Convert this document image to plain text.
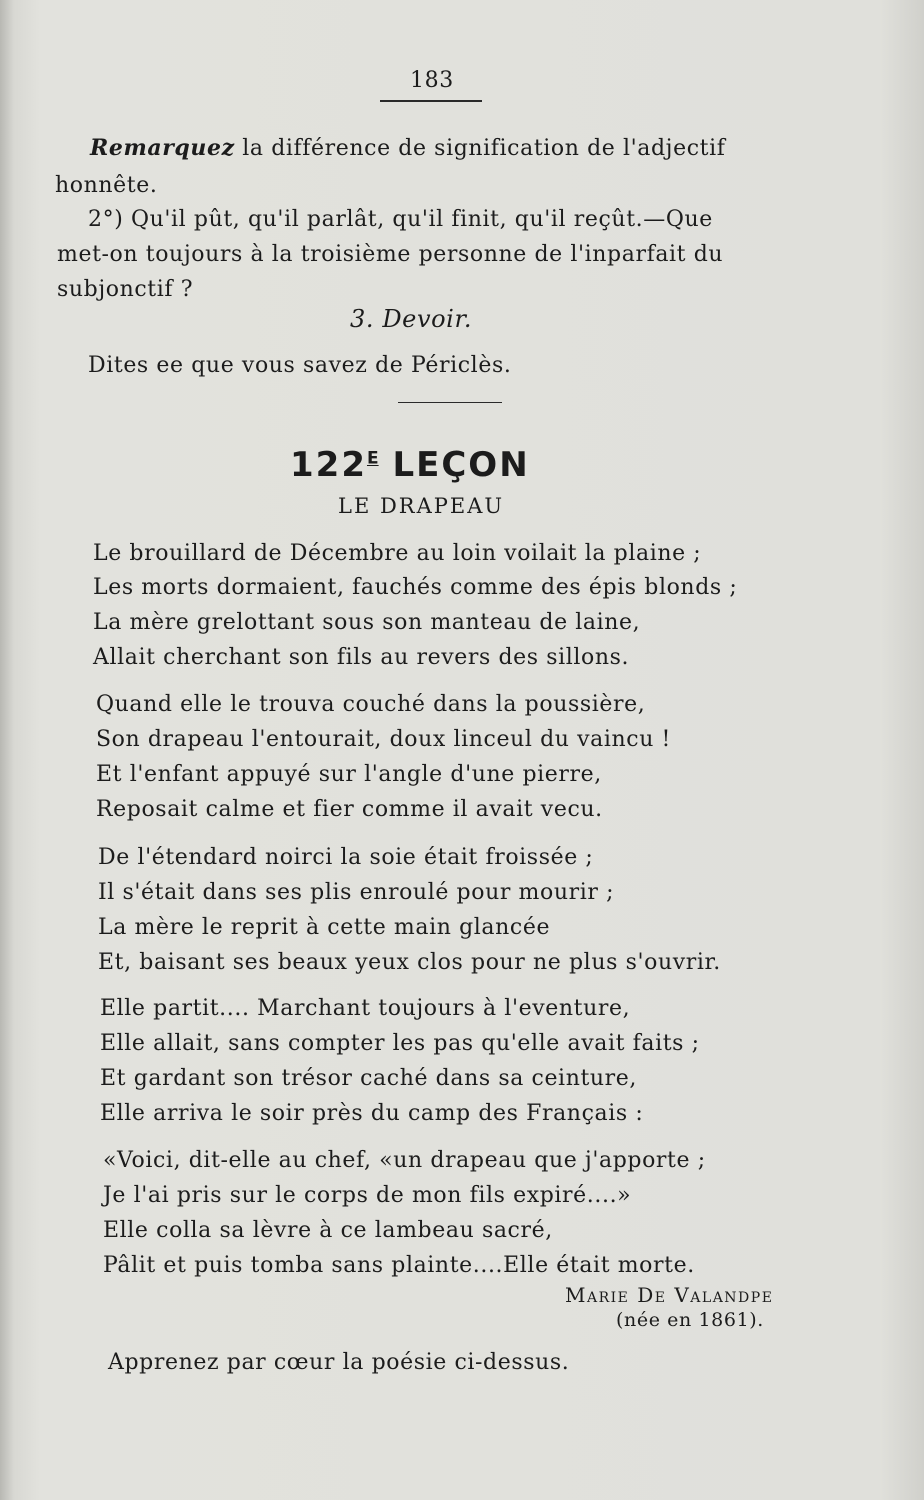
183
Remarquez la différence de signification de l'adjectif
honnête.
2°) Qu'il pût, qu'il parlât, qu'il finit, qu'il reçût.—Que
met-on toujours à la troisième personne de l'inparfait du
subjonctif ?
3. Devoir.
Dites ee que vous savez de Périclès.
$122^E$ LEÇON
LE DRAPEAU
Le brouillard de Décembre au loin voilait la plaine ;
Les morts dormaient, fauchés comme des épis blonds ;
La mère grelottant sous son manteau de laine,
Allait cherchant son fils au revers des sillons.
Quand elle le trouva couché dans la poussière,
Son drapeau l'entourait, doux linceul du vaincu !
Et l'enfant appuyé sur l'angle d'une pierre,
Reposait calme et fier comme il avait vecu.
De l'étendard noirci la soie était froissée ;
Il s'était dans ses plis enroulé pour mourir ;
La mère le reprit à cette main glancée
Et, baisant ses beaux yeux clos pour ne plus s'ouvrir.
Elle partit.... Marchant toujours à l'eventure,
Elle allait, sans compter les pas qu'elle avait faits ;
Et gardant son trésor caché dans sa ceinture,
Elle arriva le soir près du camp des Français :
«Voici, dit-elle au chef, «un drapeau que j'apporte ;
Je l'ai pris sur le corps de mon fils expiré....»
Elle colla sa lèvre à ce lambeau sacré,
Pâlit et puis tomba sans plainte....Elle était morte.
Marie De Valandpe
(née en 1861).
Apprenez par cœur la poésie ci-dessus.
